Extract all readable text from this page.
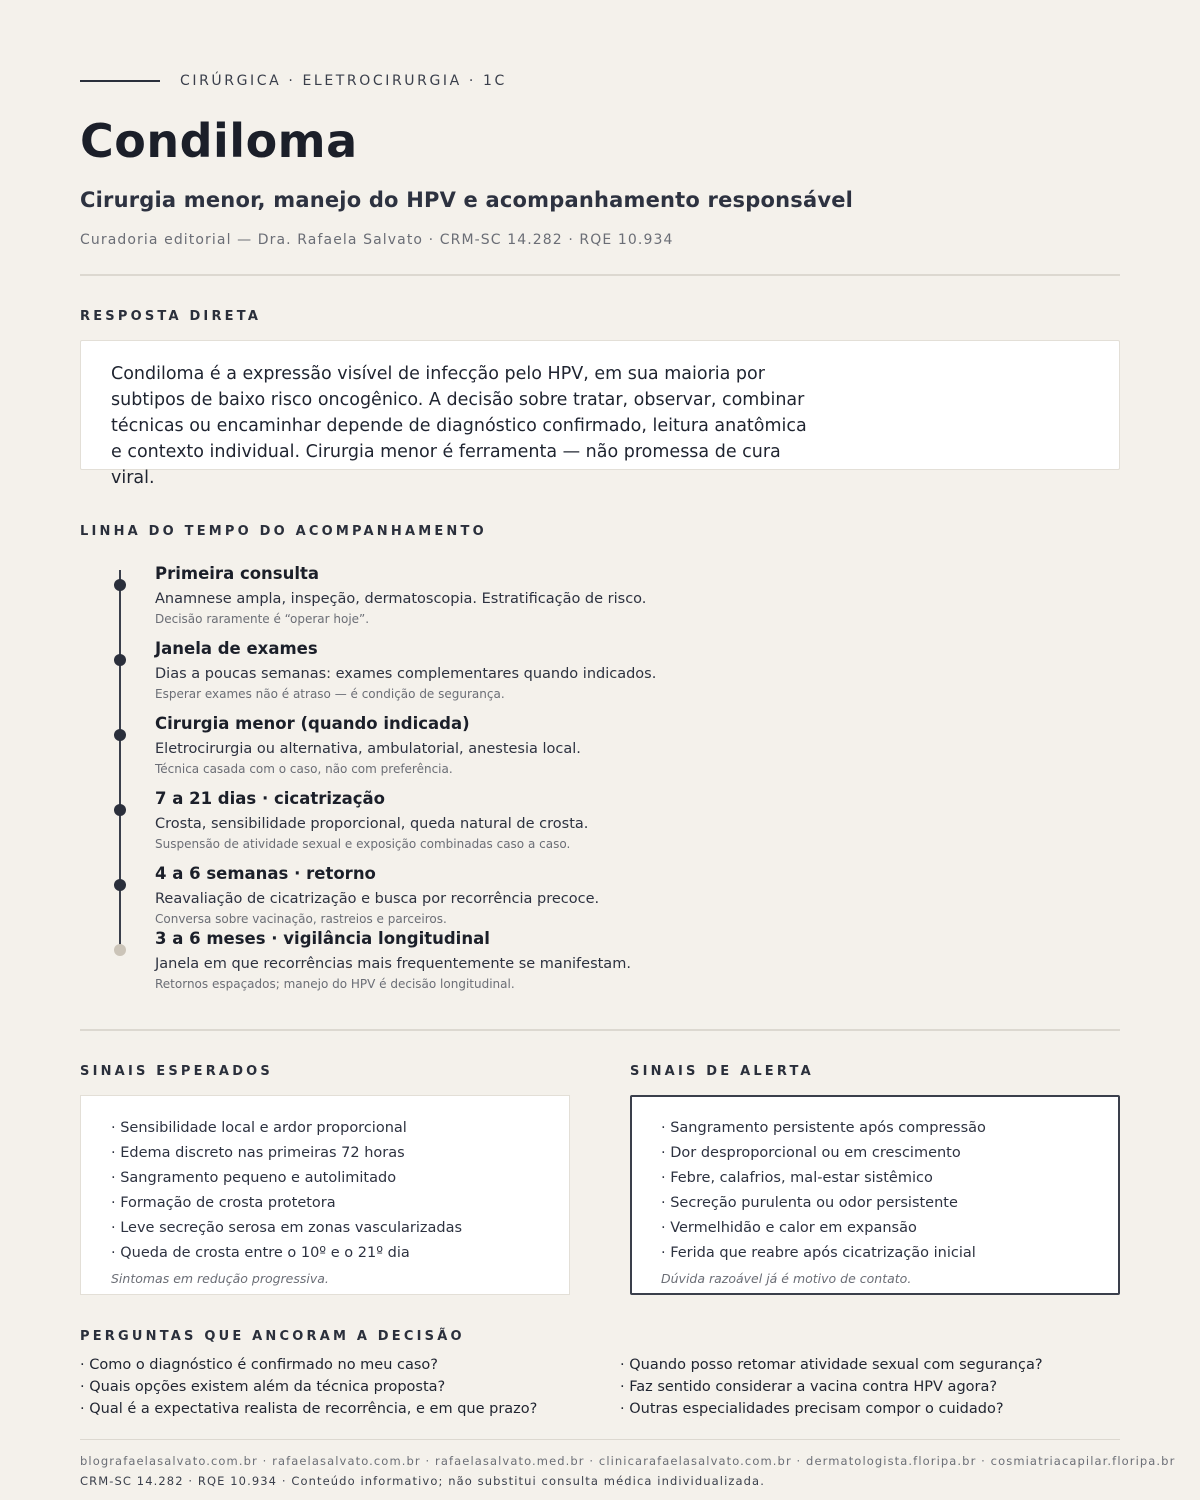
CIRÚRGICA · ELETROCIRURGIA · 1C
Condiloma
Cirurgia menor, manejo do HPV e acompanhamento responsável
Curadoria editorial — Dra. Rafaela Salvato · CRM-SC 14.282 · RQE 10.934
RESPOSTA DIRETA

Condiloma é a expressão visível de infecção pelo HPV, em sua maioria por subtipos de baixo risco oncogênico. A decisão sobre tratar, observar, combinar técnicas ou encaminhar depende de diagnóstico confirmado, leitura anatômica e contexto individual. Cirurgia menor é ferramenta — não promessa de cura viral.

LINHA DO TEMPO DO ACOMPANHAMENTO

Primeira consulta

Anamnese ampla, inspeção, dermatoscopia. Estratificação de risco.

Decisão raramente é “operar hoje”.

Janela de exames

Dias a poucas semanas: exames complementares quando indicados.

Esperar exames não é atraso — é condição de segurança.

Cirurgia menor (quando indicada)

Eletrocirurgia ou alternativa, ambulatorial, anestesia local.

Técnica casada com o caso, não com preferência.

7 a 21 dias · cicatrização

Crosta, sensibilidade proporcional, queda natural de crosta.

Suspensão de atividade sexual e exposição combinadas caso a caso.

4 a 6 semanas · retorno

Reavaliação de cicatrização e busca por recorrência precoce.

Conversa sobre vacinação, rastreios e parceiros.

3 a 6 meses · vigilância longitudinal

Janela em que recorrências mais frequentemente se manifestam.

Retornos espaçados; manejo do HPV é decisão longitudinal.

SINAIS ESPERADOS	SINAIS DE ALERTA
· Sensibilidade local e ardor proporcional
· Edema discreto nas primeiras 72 horas
· Sangramento pequeno e autolimitado
· Formação de crosta protetora
· Leve secreção serosa em zonas vascularizadas
· Queda de crosta entre o 10º e o 21º dia
Sintomas em redução progressiva.
· Sangramento persistente após compressão
· Dor desproporcional ou em crescimento
· Febre, calafrios, mal-estar sistêmico
· Secreção purulenta ou odor persistente
· Vermelhidão e calor em expansão
· Ferida que reabre após cicatrização inicial
Dúvida razoável já é motivo de contato.
PERGUNTAS QUE ANCORAM A DECISÃO
· Como o diagnóstico é confirmado no meu caso?
· Quais opções existem além da técnica proposta?
· Qual é a expectativa realista de recorrência, e em que prazo?
· Quando posso retomar atividade sexual com segurança?
· Faz sentido considerar a vacina contra HPV agora?
· Outras especialidades precisam compor o cuidado?
blografaelasalvato.com.br · rafaelasalvato.com.br · rafaelasalvato.med.br · clinicarafaelasalvato.com.br · dermatologista.floripa.br · cosmiatriacapilar.floripa.br
CRM-SC 14.282 · RQE 10.934 · Conteúdo informativo; não substitui consulta médica individualizada.
